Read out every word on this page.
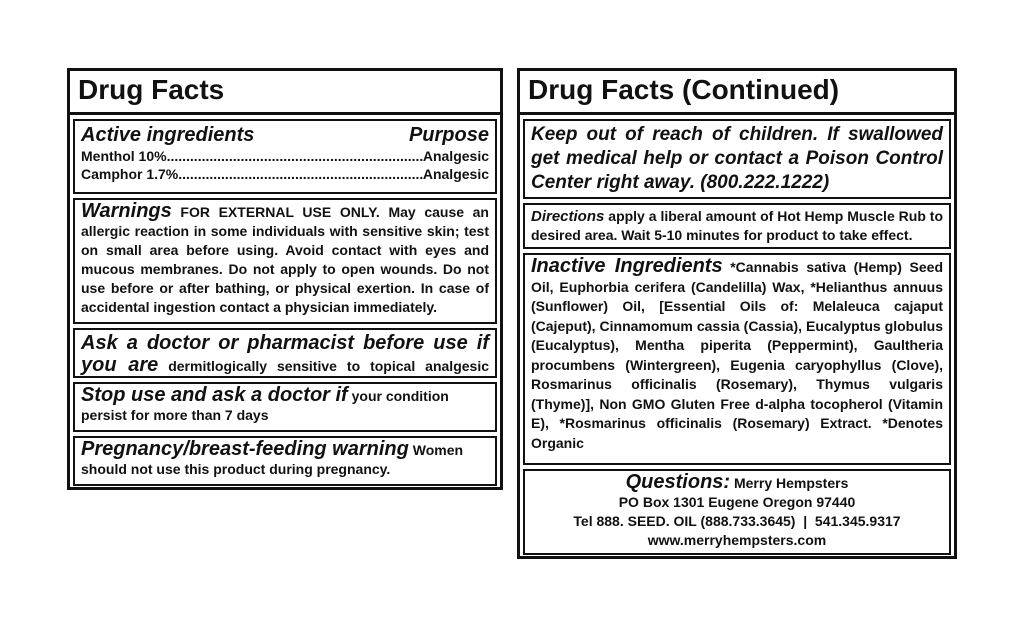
Drug Facts
Active ingredients	Purpose
Menthol 10% .....	Analgesic
Camphor 1.7% .....	Analgesic
Warnings FOR EXTERNAL USE ONLY. May cause an allergic reaction in some individuals with sensitive skin; test on small area before using. Avoid contact with eyes and mucous membranes. Do not apply to open wounds. Do not use before or after bathing, or physical exertion. In case of accidental ingestion contact a physician immediately.
Ask a doctor or pharmacist before use if you are dermitlogically sensitive to topical analgesic
Stop use and ask a doctor if your condition persist for more than 7 days
Pregnancy/breast-feeding warning Women should not use this product during pregnancy.
Drug Facts (Continued)
Keep out of reach of children. If swallowed get medical help or contact a Poison Control Center right away. (800.222.1222)
Directions apply a liberal amount of Hot Hemp Muscle Rub to desired area. Wait 5-10 minutes for product to take effect.
Inactive Ingredients *Cannabis sativa (Hemp) Seed Oil, Euphorbia cerifera (Candelilla) Wax, *Helianthus annuus (Sunflower) Oil, [Essential Oils of: Melaleuca cajaput (Cajeput), Cinnamomum cassia (Cassia), Eucalyptus globulus (Eucalyptus), Mentha piperita (Peppermint), Gaultheria procumbens (Wintergreen), Eugenia caryophyllus (Clove), Rosmarinus officinalis (Rosemary), Thymus vulgaris (Thyme)], Non GMO Gluten Free d-alpha tocopherol (Vitamin E), *Rosmarinus officinalis (Rosemary) Extract. *Denotes Organic
Questions: Merry Hempsters
PO Box 1301 Eugene Oregon 97440
Tel 888. SEED. OIL (888.733.3645)  |  541.345.9317
www.merryhempsters.com
